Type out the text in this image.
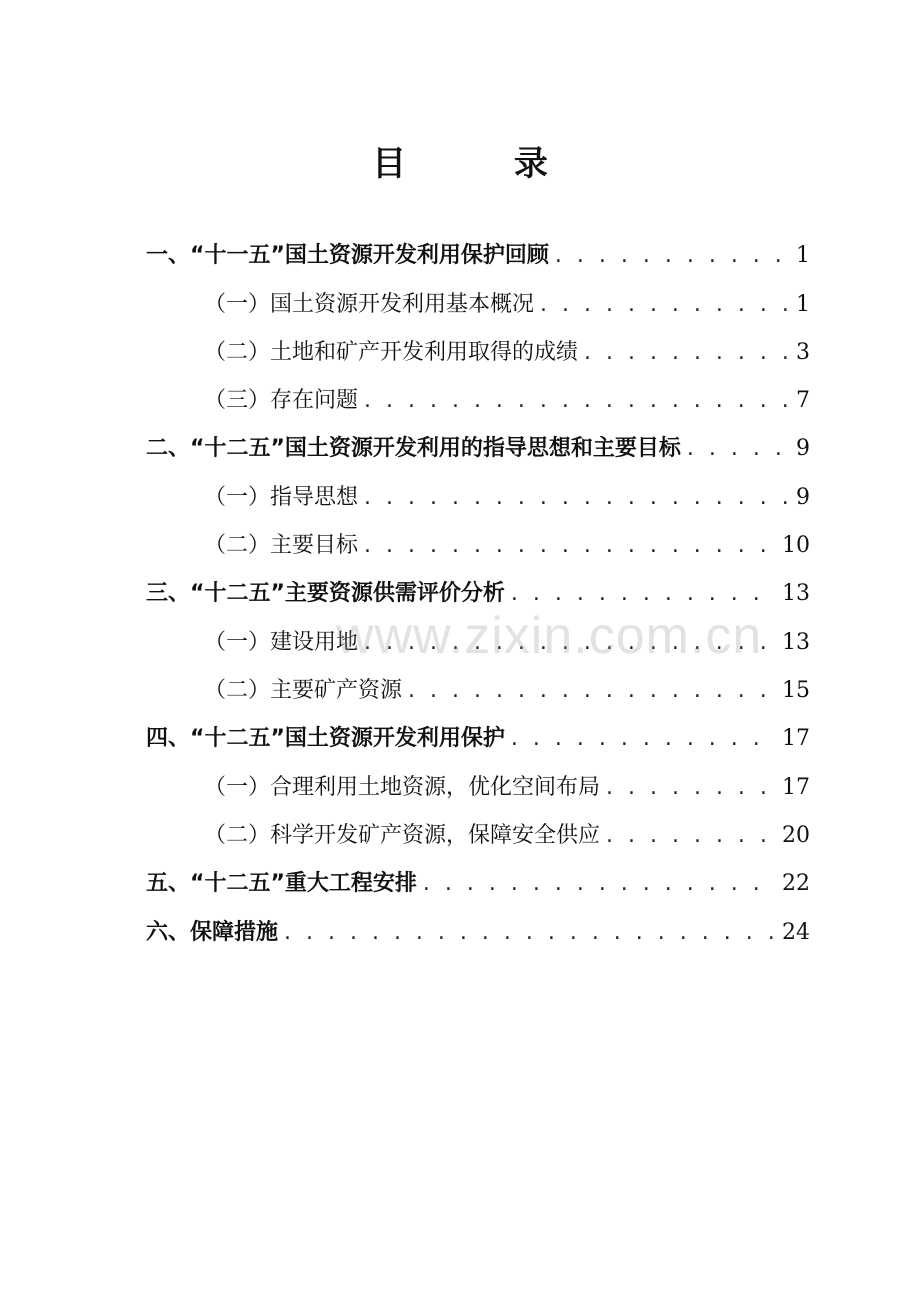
目 录
一、“十一五”国土资源开发利用保护回顾 . . .	1
（一）国土资源开发利用基本概况 . . .	1
（二）土地和矿产开发利用取得的成绩 . . .	3
（三）存在问题 . . .	7
二、“十二五”国土资源开发利用的指导思想和主要目标 . . .	9
（一）指导思想 . . .	9
（二）主要目标 . . .	10
三、“十二五”主要资源供需评价分析 . . .	13
（一）建设用地 . . .	13
（二）主要矿产资源 . . .	15
四、“十二五”国土资源开发利用保护 . . .	17
（一）合理利用土地资源，优化空间布局 . . .	17
（二）科学开发矿产资源，保障安全供应 . . .	20
五、“十二五”重大工程安排 . . .	22
六、保障措施 . . .	24
www.zixin.com.cn
